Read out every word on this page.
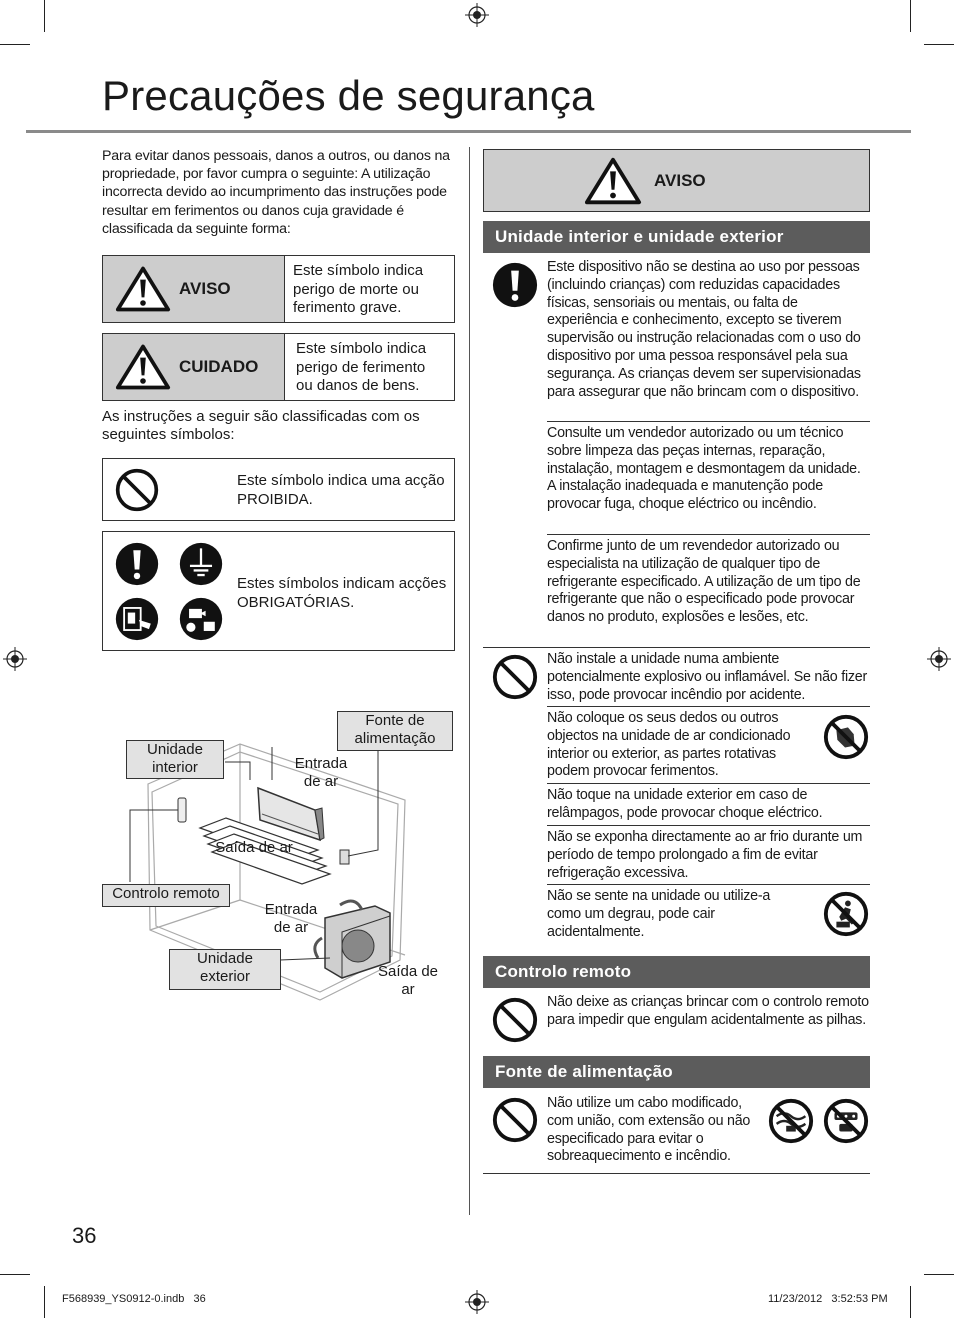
Precauções de segurança

Para evitar danos pessoais, danos a outros, ou danos na propriedade, por favor cumpra o seguinte: A utilização incorrecta devido ao incumprimento das instruções pode resultar em ferimentos ou danos cuja gravidade é classificada da seguinte forma:

AVISO
Este símbolo indica perigo de morte ou ferimento grave.
CUIDADO
Este símbolo indica perigo de ferimento ou danos de bens.

As instruções a seguir são classificadas com os seguintes símbolos:

Este símbolo indica uma acção PROIBIDA.
Estes símbolos indicam acções OBRIGATÓRIAS.
Unidade interior
Fonte de alimentação
Entrada de ar
Saída de ar
Controlo remoto
Entrada de ar
Unidade exterior	Saída de ar
AVISO
Unidade interior e unidade exterior

Este dispositivo não se destina ao uso por pessoas (incluindo crianças) com reduzidas capacidades físicas, sensoriais ou mentais, ou falta de experiência e conhecimento, excepto se tiverem supervisão ou instrução relacionadas com o uso do dispositivo por uma pessoa responsável pela sua segurança. As crianças devem ser supervisionadas para assegurar que não brincam com o dispositivo.

Consulte um vendedor autorizado ou um técnico sobre limpeza das peças internas, reparação, instalação, montagem e desmontagem da unidade. A instalação inadequada e manutenção pode provocar fuga, choque eléctrico ou incêndio.

Confirme junto de um revendedor autorizado ou especialista na utilização de qualquer tipo de refrigerante especificado. A utilização de um tipo de refrigerante que não o especificado pode provocar danos no produto, explosões e lesões, etc.

Não instale a unidade numa ambiente potencialmente explosivo ou inflamável. Se não fizer isso, pode provocar incêndio por acidente.

Não coloque os seus dedos ou outros objectos na unidade de ar condicionado interior ou exterior, as partes rotativas podem provocar ferimentos.

Não toque na unidade exterior em caso de relâmpagos, pode provocar choque eléctrico.

Não se exponha directamente ao ar frio durante um período de tempo prolongado a fim de evitar refrigeração excessiva.

Não se sente na unidade ou utilize-a como um degrau, pode cair acidentalmente.

Controlo remoto

Não deixe as crianças brincar com o controlo remoto para impedir que engulam acidentalmente as pilhas.

Fonte de alimentação

Não utilize um cabo modificado, com união, com extensão ou não especificado para evitar o sobreaquecimento e incêndio.

36
F568939_YS0912-0.indb   36	11/23/2012   3:52:53 PM
